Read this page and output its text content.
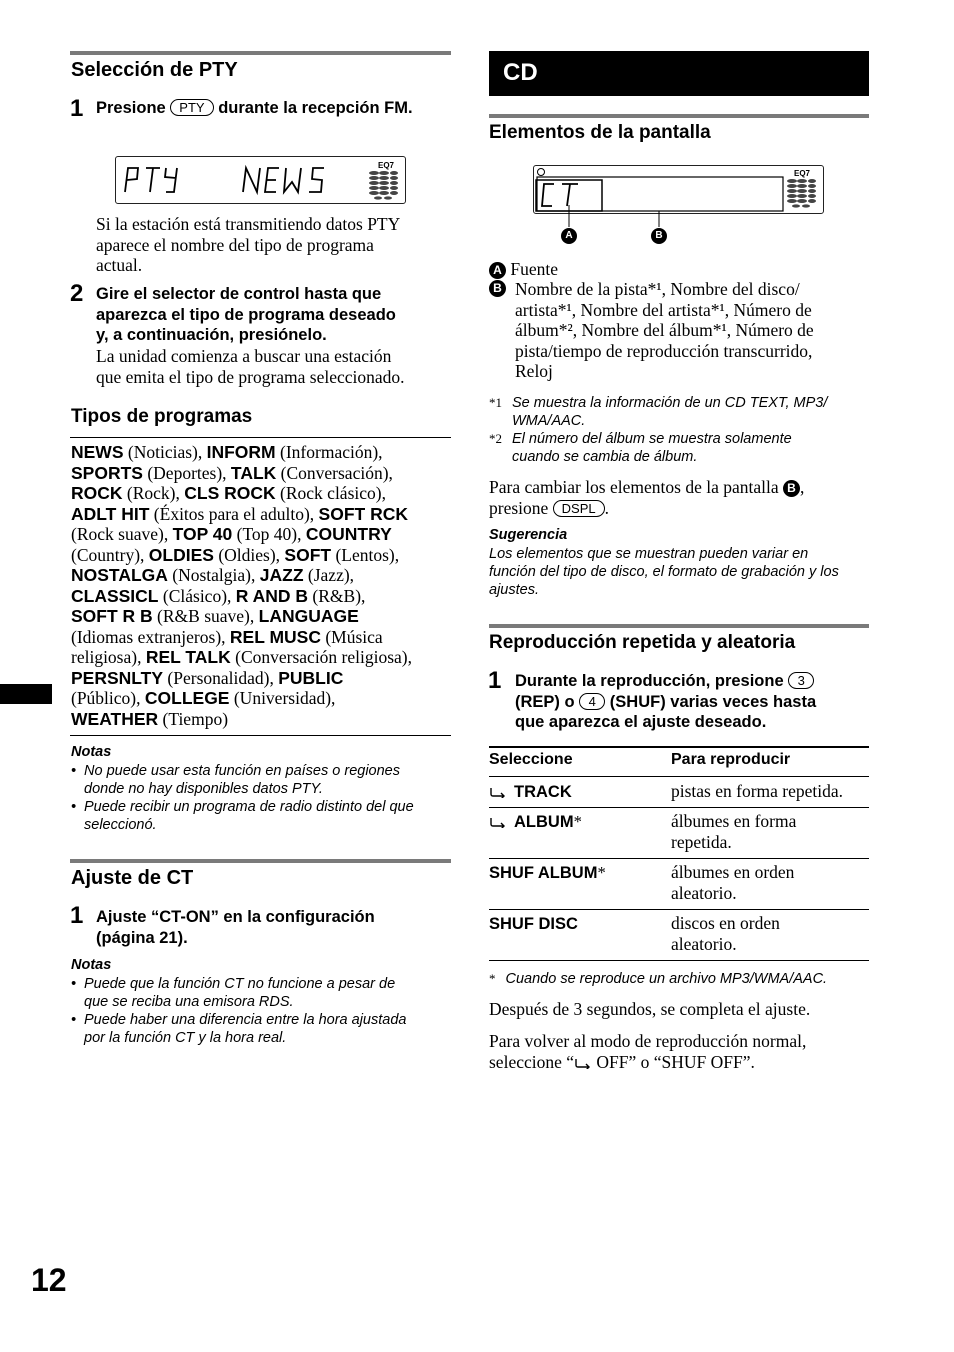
Selección de PTY
1 Presione PTY durante la recepción FM.
EQ7
Si la estación está transmitiendo datos PTY
aparece el nombre del tipo de programa
actual.
2 Gire el selector de control hasta que
aparezca el tipo de programa deseado
y, a continuación, presiónelo.
La unidad comienza a buscar una estación
que emita el tipo de programa seleccionado.
Tipos de programas
NEWS (Noticias), INFORM (Información),
SPORTS (Deportes), TALK (Conversación),
ROCK (Rock), CLS ROCK (Rock clásico),
ADLT HIT (Éxitos para el adulto), SOFT RCK
(Rock suave), TOP 40 (Top 40), COUNTRY
(Country), OLDIES (Oldies), SOFT (Lentos),
NOSTALGA (Nostalgia), JAZZ (Jazz),
CLASSICL (Clásico), R AND B (R&B),
SOFT R B (R&B suave), LANGUAGE
(Idiomas extranjeros), REL MUSC (Música
religiosa), REL TALK (Conversación religiosa),
PERSNLTY (Personalidad), PUBLIC
(Público), COLLEGE (Universidad),
WEATHER (Tiempo)
Notas
• No puede usar esta función en países o regiones
donde no hay disponibles datos PTY.
• Puede recibir un programa de radio distinto del que
seleccionó.
Ajuste de CT
1 Ajuste “CT-ON” en la configuración
(página 21).
Notas
• Puede que la función CT no funcione a pesar de
que se reciba una emisora RDS.
• Puede haber una diferencia entre la hora ajustada
por la función CT y la hora real.
12
CD
Elementos de la pantalla
EQ7
A	B
A Fuente
B Nombre de la pista*¹, Nombre del disco/
artista*¹, Nombre del artista*¹, Número de
álbum*², Nombre del álbum*¹, Número de
pista/tiempo de reproducción transcurrido,
Reloj
*1 Se muestra la información de un CD TEXT, MP3/
WMA/AAC.
*2 El número del álbum se muestra solamente
cuando se cambia de álbum.
Para cambiar los elementos de la pantalla B ,
presione DSPL .
Sugerencia
Los elementos que se muestran pueden variar en
función del tipo de disco, el formato de grabación y los
ajustes.
Reproducción repetida y aleatoria
1 Durante la reproducción, presione 3
(REP) o 4 (SHUF) varias veces hasta
que aparezca el ajuste deseado.
Seleccione	Para reproducir
TRACK	pistas en forma repetida.
ALBUM*	álbumes en forma
repetida.
SHUF ALBUM*	álbumes en orden
aleatorio.
SHUF DISC	discos en orden
aleatorio.
* Cuando se reproduce un archivo MP3/WMA/AAC.
Después de 3 segundos, se completa el ajuste.
Para volver al modo de reproducción normal,
seleccione “ OFF” o “SHUF OFF”.
